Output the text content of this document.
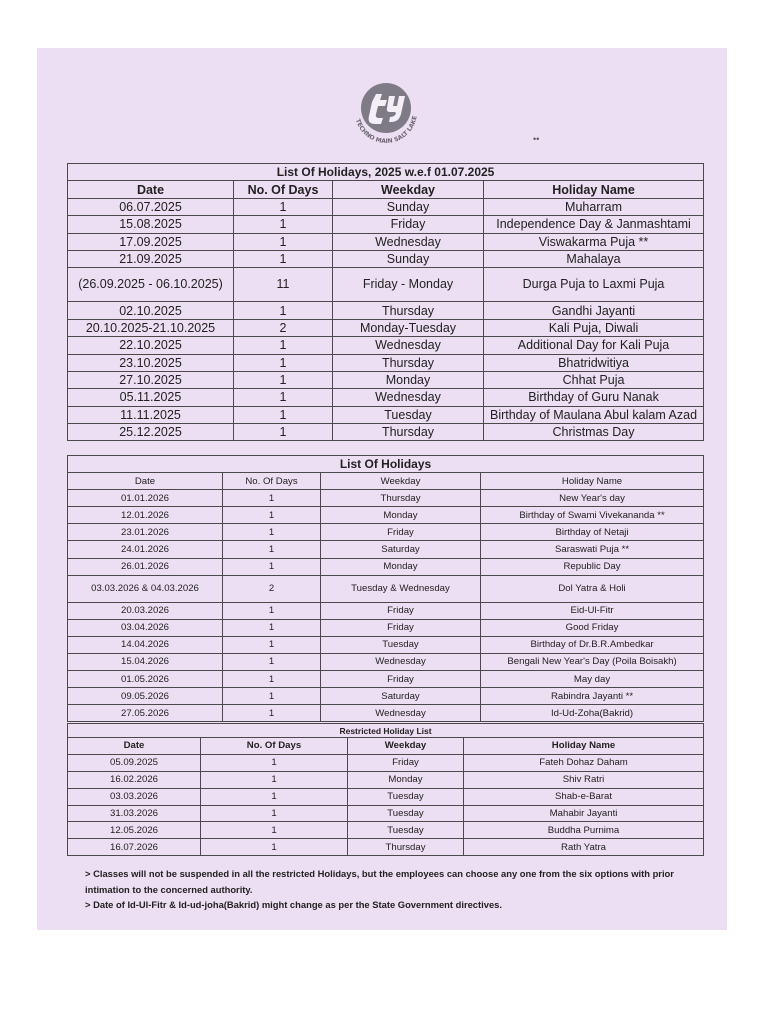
TECHNO MAIN SALT LAKE
••
List Of Holidays, 2025 w.e.f 01.07.2025			
Date	No. Of Days	Weekday	Holiday Name
06.07.2025	1	Sunday	Muharram
15.08.2025	1	Friday	Independence Day & Janmashtami
17.09.2025	1	Wednesday	Viswakarma Puja **
21.09.2025	1	Sunday	Mahalaya
(26.09.2025 - 06.10.2025)	11	Friday - Monday	Durga Puja to Laxmi Puja
02.10.2025	1	Thursday	Gandhi Jayanti
20.10.2025-21.10.2025	2	Monday-Tuesday	Kali Puja, Diwali
22.10.2025	1	Wednesday	Additional Day for Kali Puja
23.10.2025	1	Thursday	Bhatridwitiya
27.10.2025	1	Monday	Chhat Puja
05.11.2025	1	Wednesday	Birthday of Guru Nanak
11.11.2025	1	Tuesday	Birthday of Maulana Abul kalam Azad
25.12.2025	1	Thursday	Christmas Day
List Of Holidays			
Date	No. Of Days	Weekday	Holiday Name
01.01.2026	1	Thursday	New Year's day
12.01.2026	1	Monday	Birthday of Swami Vivekananda **
23.01.2026	1	Friday	Birthday of Netaji
24.01.2026	1	Saturday	Saraswati Puja **
26.01.2026	1	Monday	Republic Day
03.03.2026 & 04.03.2026	2	Tuesday & Wednesday	Dol Yatra & Holi
20.03.2026	1	Friday	Eid-Ul-Fitr
03.04.2026	1	Friday	Good Friday
14.04.2026	1	Tuesday	Birthday of Dr.B.R.Ambedkar
15.04.2026	1	Wednesday	Bengali New Year's Day (Poila Boisakh)
01.05.2026	1	Friday	May day
09.05.2026	1	Saturday	Rabindra Jayanti **
27.05.2026	1	Wednesday	Id-Ud-Zoha(Bakrid)
Restricted Holiday List			
Date	No. Of Days	Weekday	Holiday Name
05.09.2025	1	Friday	Fateh Dohaz Daham
16.02.2026	1	Monday	Shiv Ratri
03.03.2026	1	Tuesday	Shab-e-Barat
31.03.2026	1	Tuesday	Mahabir Jayanti
12.05.2026	1	Tuesday	Buddha Purnima
16.07.2026	1	Thursday	Rath Yatra
> Classes will not be suspended in all the restricted Holidays, but the employees can choose any one from the six options with prior intimation to the concerned authority.
> Date of Id-Ul-Fitr & Id-ud-joha(Bakrid) might change as per the State Government directives.
